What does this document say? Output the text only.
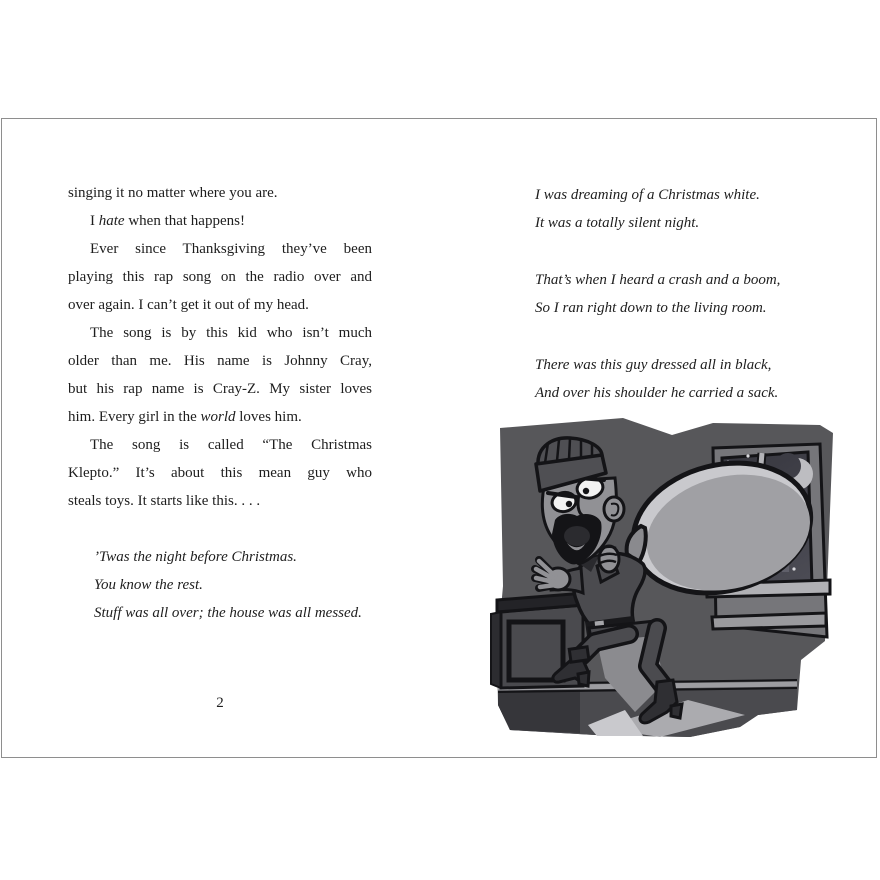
singing it no matter where you are.
I hate when that happens!
Ever since Thanksgiving they’ve been
playing this rap song on the radio over and
over again. I can’t get it out of my head.
The song is by this kid who isn’t much
older than me. His name is Johnny Cray,
but his rap name is Cray-Z. My sister loves
him. Every girl in the world loves him.
The song is called “The Christmas
Klepto.” It’s about this mean guy who
steals toys. It starts like this. . . .
’Twas the night before Christmas.
You know the rest.
Stuff was all over; the house was all messed.
2
I was dreaming of a Christmas white.
It was a totally silent night.
That’s when I heard a crash and a boom,
So I ran right down to the living room.
There was this guy dressed all in black,
And over his shoulder he carried a sack.
